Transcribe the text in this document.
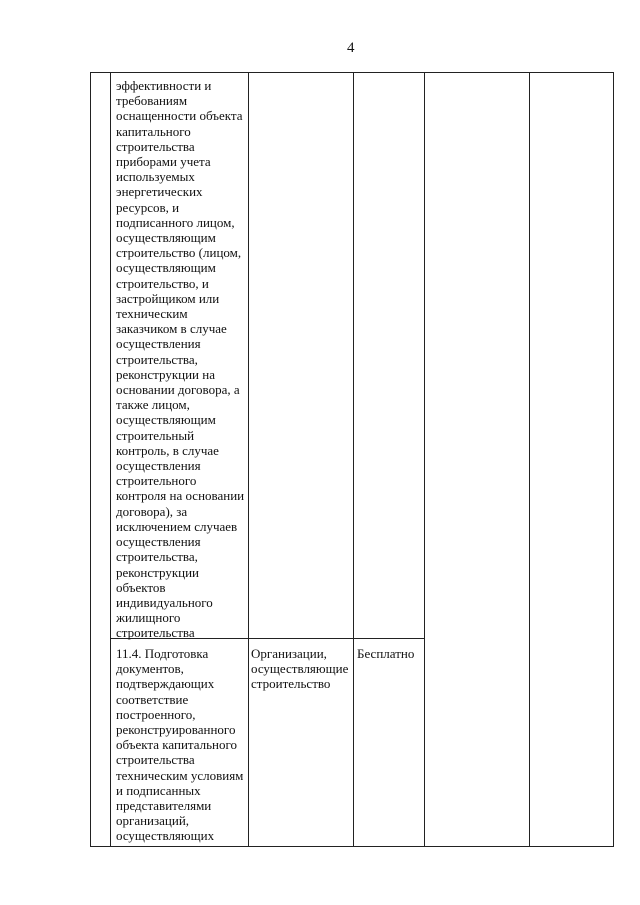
4
эффективности и
требованиям
оснащенности объекта
капитального
строительства
приборами учета
используемых
энергетических
ресурсов, и
подписанного лицом,
осуществляющим
строительство (лицом,
осуществляющим
строительство, и
застройщиком или
техническим
заказчиком в случае
осуществления
строительства,
реконструкции на
основании договора, а
также лицом,
осуществляющим
строительный
контроль, в случае
осуществления
строительного
контроля на основании
договора), за
исключением случаев
осуществления
строительства,
реконструкции
объектов
индивидуального
жилищного
строительства
11.4. Подготовка
документов,
подтверждающих
соответствие
построенного,
реконструированного
объекта капитального
строительства
техническим условиям
и подписанных
представителями
организаций,
осуществляющих
Организации,
осуществляющие
строительство
Бесплатно
